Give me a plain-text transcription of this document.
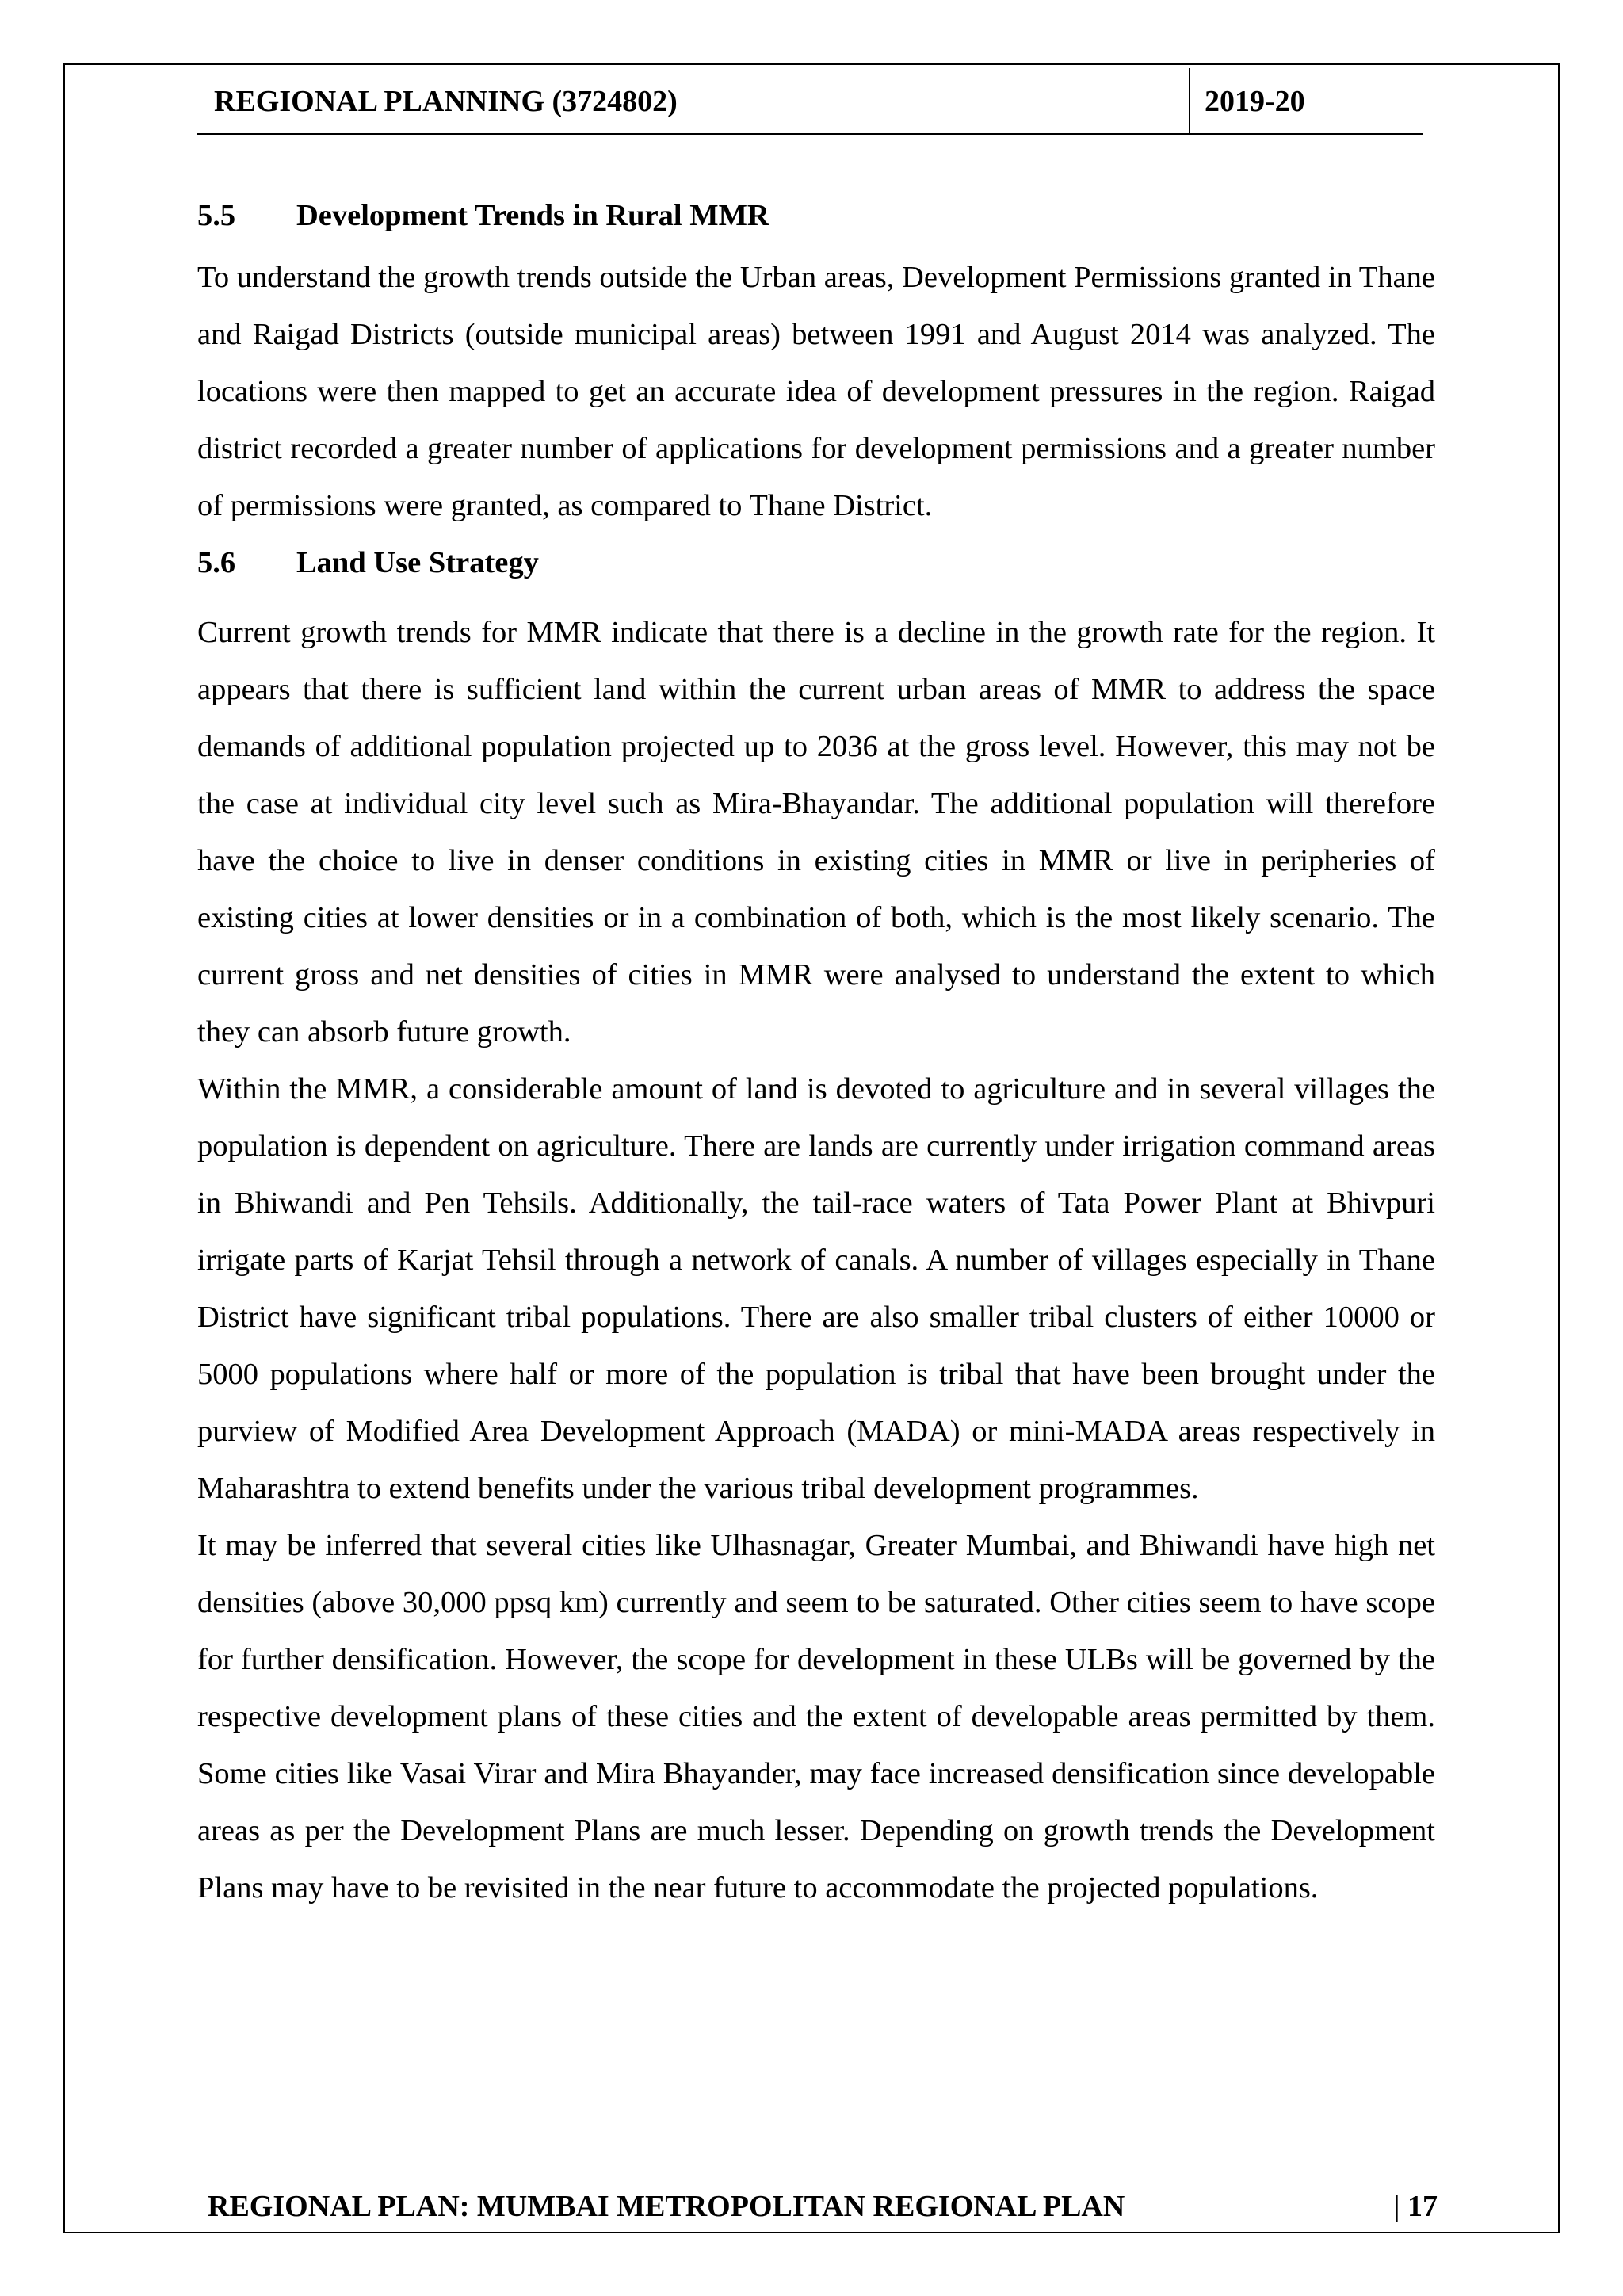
REGIONAL PLANNING (3724802)	2019-20
5.5 Development Trends in Rural MMR

To understand the growth trends outside the Urban areas, Development Permissions granted in Thane and Raigad Districts (outside municipal areas) between 1991 and August 2014 was analyzed. The locations were then mapped to get an accurate idea of development pressures in the region. Raigad district recorded a greater number of applications for development permissions and a greater number of permissions were granted, as compared to Thane District.

5.6 Land Use Strategy

Current growth trends for MMR indicate that there is a decline in the growth rate for the region. It appears that there is sufficient land within the current urban areas of MMR to address the space demands of additional population projected up to 2036 at the gross level. However, this may not be the case at individual city level such as Mira-Bhayandar. The additional population will therefore have the choice to live in denser conditions in existing cities in MMR or live in peripheries of existing cities at lower densities or in a combination of both, which is the most likely scenario. The current gross and net densities of cities in MMR were analysed to understand the extent to which they can absorb future growth.

Within the MMR, a considerable amount of land is devoted to agriculture and in several villages the population is dependent on agriculture. There are lands are currently under irrigation command areas in Bhiwandi and Pen Tehsils. Additionally, the tail-race waters of Tata Power Plant at Bhivpuri irrigate parts of Karjat Tehsil through a network of canals. A number of villages especially in Thane District have significant tribal populations. There are also smaller tribal clusters of either 10000 or 5000 populations where half or more of the population is tribal that have been brought under the purview of Modified Area Development Approach (MADA) or mini-MADA areas respectively in Maharashtra to extend benefits under the various tribal development programmes.

It may be inferred that several cities like Ulhasnagar, Greater Mumbai, and Bhiwandi have high net densities (above 30,000 ppsq km) currently and seem to be saturated. Other cities seem to have scope for further densification. However, the scope for development in these ULBs will be governed by the respective development plans of these cities and the extent of developable areas permitted by them. Some cities like Vasai Virar and Mira Bhayander, may face increased densification since developable areas as per the Development Plans are much lesser. Depending on growth trends the Development Plans may have to be revisited in the near future to accommodate the projected populations.

REGIONAL PLAN: MUMBAI METROPOLITAN REGIONAL PLAN	| 17
